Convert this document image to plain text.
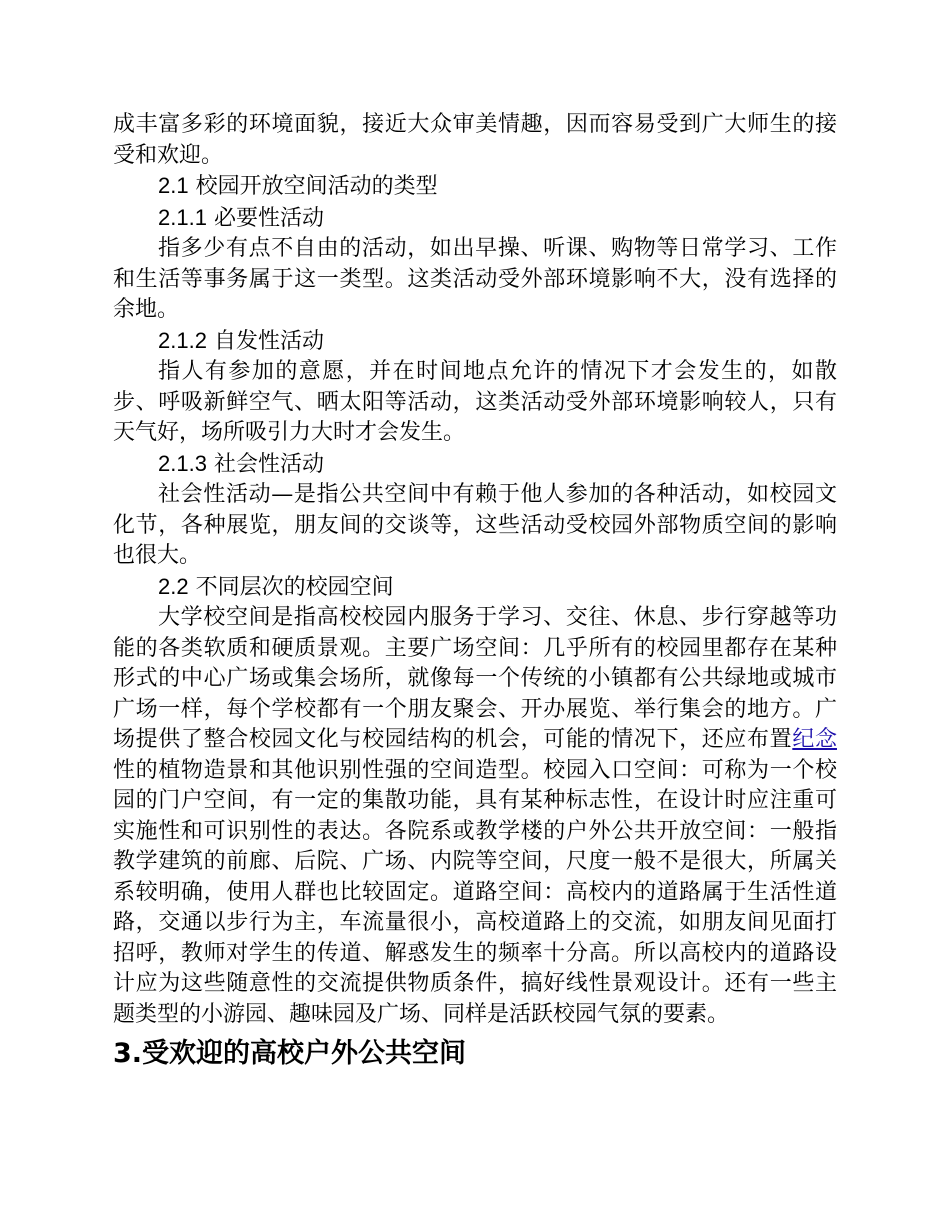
成丰富多彩的环境面貌，接近大众审美情趣，因而容易受到广大师生的接受和欢迎。

2.1 校园开放空间活动的类型

2.1.1 必要性活动

指多少有点不自由的活动，如出早操、听课、购物等日常学习、工作和生活等事务属于这一类型。这类活动受外部环境影响不大，没有选择的余地。

2.1.2 自发性活动

指人有参加的意愿，并在时间地点允许的情况下才会发生的，如散步、呼吸新鲜空气、晒太阳等活动，这类活动受外部环境影响较人，只有天气好，场所吸引力大时才会发生。

2.1.3 社会性活动

社会性活动—是指公共空间中有赖于他人参加的各种活动，如校园文化节，各种展览，朋友间的交谈等，这些活动受校园外部物质空间的影响也很大。

2.2 不同层次的校园空间

大学校空间是指高校校园内服务于学习、交往、休息、步行穿越等功能的各类软质和硬质景观。主要广场空间：几乎所有的校园里都存在某种形式的中心广场或集会场所，就像每一个传统的小镇都有公共绿地或城市广场一样，每个学校都有一个朋友聚会、开办展览、举行集会的地方。广场提供了整合校园文化与校园结构的机会，可能的情况下，还应布置纪念性的植物造景和其他识别性强的空间造型。校园入口空间：可称为一个校园的门户空间，有一定的集散功能，具有某种标志性，在设计时应注重可实施性和可识别性的表达。各院系或教学楼的户外公共开放空间：一般指教学建筑的前廊、后院、广场、内院等空间，尺度一般不是很大，所属关系较明确，使用人群也比较固定。道路空间：高校内的道路属于生活性道路，交通以步行为主，车流量很小，高校道路上的交流，如朋友间见面打招呼，教师对学生的传道、解惑发生的频率十分高。所以高校内的道路设计应为这些随意性的交流提供物质条件，搞好线性景观设计。还有一些主题类型的小游园、趣味园及广场、同样是活跃校园气氛的要素。

3.受欢迎的高校户外公共空间
